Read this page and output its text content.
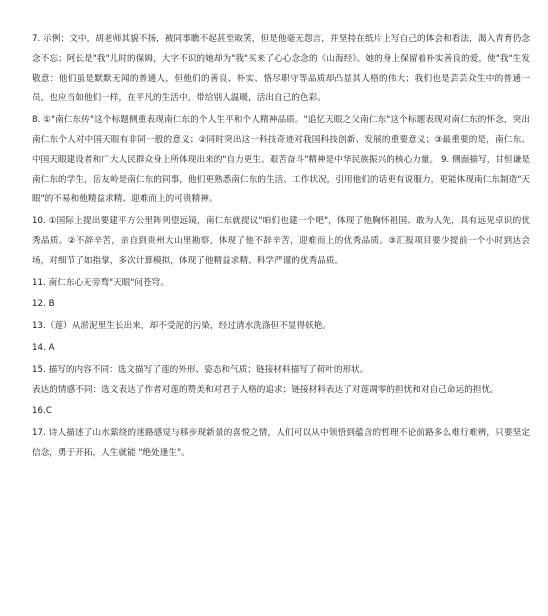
7. 示例：文中，胡老师其貌不扬，被同事瞧不起甚至取笑，但是他毫无怨言，并坚持在纸片上写自己的体会和看法，渴入青育仍念念不忘；阿长是"我"儿时的保姆，大字不识的她却为"我"买来了心心念念的《山海经》。她的身上保留着朴实善良的爱，使"我"生发敬意：他们虽是默默无闻的普通人，但他们的善良、朴实、恪尽职守等品质却凸显其人格的伟大；我们也是芸芸众生中的普通一员，也应当如他们一样，在平凡的生活中，带给别人温暖，活出自己的色彩。

8. ①"南仁东传"这个标题侧重表现南仁东的个人生平和个人精神品质。"追忆天眼之父南仁东"这个标题表现对南仁东的怀念，突出南仁东个人对中国天眼有非同一般的意义；②同时突出这一科技奇迹对我国科技创新、发展的重要意义；③最重要的是，南仁东、中国天眼建设者和广大人民群众身上所体现出来的"自力更生、艰苦奋斗"精神是中华民族振兴的核心力量。 9. 侧面描写，甘恒谦是南仁东的学生，岳友岭是南仁东的同事，他们更熟悉南仁东的生活、工作状况，引用他们的话更有说服力，更能体现南仁东制造"天眼"的不易和他精益求精、迎难而上的可贵精神。

10. ①国际上提出要建平方公里阵列望远镜，南仁东就提议"咱们也建一个吧"，体现了他胸怀祖国、敢为人先，具有远见卓识的优秀品质。②不辞辛苦，亲自到贵州大山里勘察，体现了他不辞辛苦，迎难而上的优秀品质。③汇报项目要少提前一个小时到达会场，对细节了如指掌，多次计算模拟，体现了他精益求精、科学严谨的优秀品质。

11. 南仁东心无旁骛"天眼"问苍穹。

12. B

13.（莲）从淤泥里生长出来，却不受泥的污染，经过清水洗涤但不显得妖艳。

14. A

15. 描写的内容不同：选文描写了莲的外形、姿态和气质；链接材料描写了荷叶的形状。

表达的情感不同：选文表达了作者对莲的赞美和对君子人格的追求；链接材料表达了对莲凋零的担忧和对自己命运的担忧。

16.C

17. 诗人描述了山水萦绕的迷路感觉与移步现新景的喜悦之情，人们可以从中领悟到蕴含的哲理不论前路多么难行难辨，只要坚定信念，勇于开拓，人生就能 "绝处逢生"。
